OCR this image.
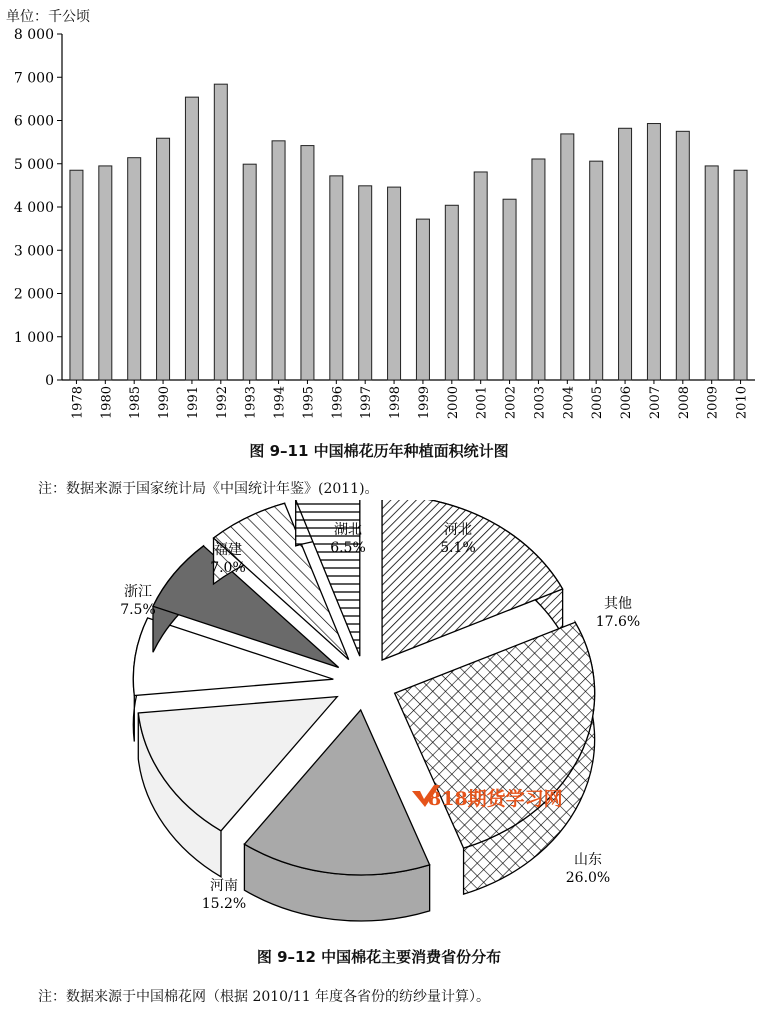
单位：千公顷
0
1 000
2 000
3 000
4 000
5 000
6 000
7 000
8 000
1978 1980 1985 1990 1991 1992 1993 1994 1995 1996 1997 1998 1999 2000 2001 2002 2003 2004 2005 2006 2007 2008 2009 2010
图 9–11 中国棉花历年种植面积统计图
注：数据来源于国家统计局《中国统计年鉴》(2011)。
其他
17.6%
山东
26.0%
河南
15.2%
浙江
7.5%
福建
7.0%
湖北
6.5%
河北
5.1%
818期货学习网
图 9–12 中国棉花主要消费省份分布
注：数据来源于中国棉花网（根据 2010/11 年度各省份的纺纱量计算）。
